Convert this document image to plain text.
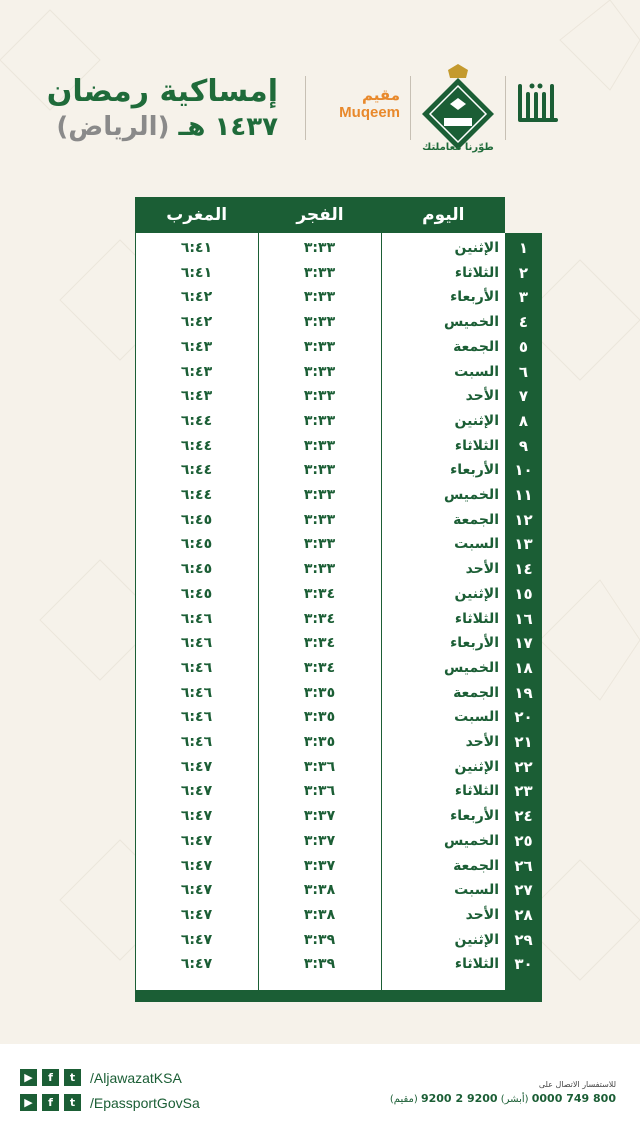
إمساكية رمضان
١٤٣٧ هـ (الرياض)
مقيم
Muqeem
طوّرنا معاملتك
المغرب	الفجر	اليوم
٦:٤١	٣:٣٣	الإثنين	١
٦:٤١	٣:٣٣	الثلاثاء	٢
٦:٤٢	٣:٣٣	الأربعاء	٣
٦:٤٢	٣:٣٣	الخميس	٤
٦:٤٣	٣:٣٣	الجمعة	٥
٦:٤٣	٣:٣٣	السبت	٦
٦:٤٣	٣:٣٣	الأحد	٧
٦:٤٤	٣:٣٣	الإثنين	٨
٦:٤٤	٣:٣٣	الثلاثاء	٩
٦:٤٤	٣:٣٣	الأربعاء	١٠
٦:٤٤	٣:٣٣	الخميس	١١
٦:٤٥	٣:٣٣	الجمعة	١٢
٦:٤٥	٣:٣٣	السبت	١٣
٦:٤٥	٣:٣٣	الأحد	١٤
٦:٤٥	٣:٣٤	الإثنين	١٥
٦:٤٦	٣:٣٤	الثلاثاء	١٦
٦:٤٦	٣:٣٤	الأربعاء	١٧
٦:٤٦	٣:٣٤	الخميس	١٨
٦:٤٦	٣:٣٥	الجمعة	١٩
٦:٤٦	٣:٣٥	السبت	٢٠
٦:٤٦	٣:٣٥	الأحد	٢١
٦:٤٧	٣:٣٦	الإثنين	٢٢
٦:٤٧	٣:٣٦	الثلاثاء	٢٣
٦:٤٧	٣:٣٧	الأربعاء	٢٤
٦:٤٧	٣:٣٧	الخميس	٢٥
٦:٤٧	٣:٣٧	الجمعة	٢٦
٦:٤٧	٣:٣٨	السبت	٢٧
٦:٤٧	٣:٣٨	الأحد	٢٨
٦:٤٧	٣:٣٩	الإثنين	٢٩
٦:٤٧	٣:٣٩	الثلاثاء	٣٠
▶	f	t	/AljawazatKSA
▶	f	t	/EpassportGovSa
للاستفسار الاتصال على
800 749 0000 (أبشر) 9200 2 9200 (مقيم)
